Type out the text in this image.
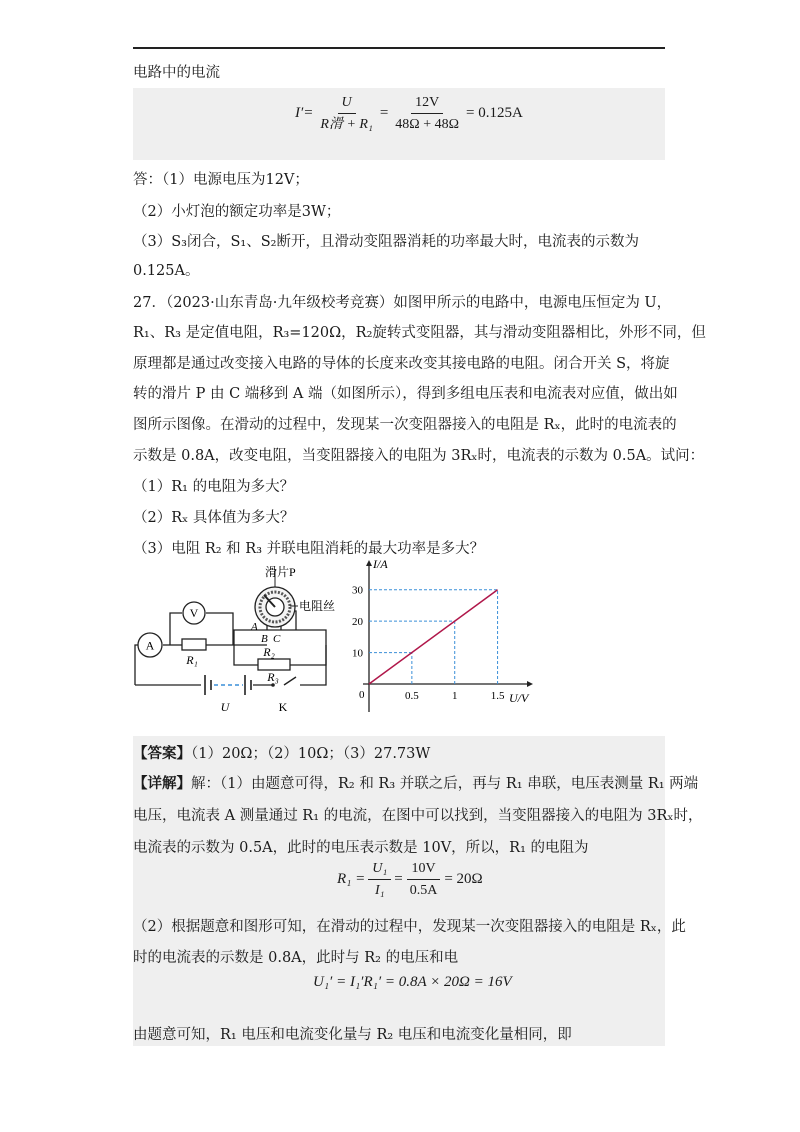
电路中的电流
$I'= \frac{U}{\text{R滑 + R₁}} = \frac{12V}{48\Omega + 48\Omega} = 0.125A$
答：（1）电源电压为12V；
（2）小灯泡的额定功率是3W；
（3）S₃闭合，S₁、S₂断开，且滑动变阻器消耗的功率最大时，电流表的示数为
0.125A。
27．（2023·山东青岛·九年级校考竞赛）如图甲所示的电路中，电源电压恒定为 U，
R₁、R₃ 是定值电阻，R₃=120Ω，R₂旋转式变阻器，其与滑动变阻器相比，外形不同，但
原理都是通过改变接入电路的导体的长度来改变其接电路的电阻。闭合开关 S，将旋
转的滑片 P 由 C 端移到 A 端（如图所示），得到多组电压表和电流表对应值，做出如
图所示图像。在滑动的过程中，发现某一次变阻器接入的电阻是 Rₓ，此时的电流表的
示数是 0.8A，改变电阻，当变阻器接入的电阻为 3Rₓ时，电流表的示数为 0.5A。试问：
（1）R₁ 的电阻为多大？
（2）Rₓ 具体值为多大？
（3）电阻 R₂ 和 R₃ 并联电阻消耗的最大功率是多大？
A
V
R₁
R₂
R₃
滑片P
电阻丝
A
B C
U	K
0.5
10
1
20
1.5
30
I/A
U/V
0
【答案】（1）20Ω；（2）10Ω；（3）27.73W
【详解】解：（1）由题意可得，R₂ 和 R₃ 并联之后，再与 R₁ 串联，电压表测量 R₁ 两端
电压，电流表 A 测量通过 R₁ 的电流，在图中可以找到，当变阻器接入的电阻为 3Rₓ时，
电流表的示数为 0.5A，此时的电压表示数是 10V，所以，R₁ 的电阻为
$R_1 = \frac{\text{U₁}}{\text{I₁}} = \frac{10V}{0.5A} = 20\Omega$
（2）根据题意和图形可知，在滑动的过程中，发现某一次变阻器接入的电阻是 Rₓ，此
时的电流表的示数是 0.8A，此时与 R₂ 的电压和电
U₁′ = I₁′R₁′ = 0.8A × 20Ω = 16V
由题意可知，R₁ 电压和电流变化量与 R₂ 电压和电流变化量相同，即
